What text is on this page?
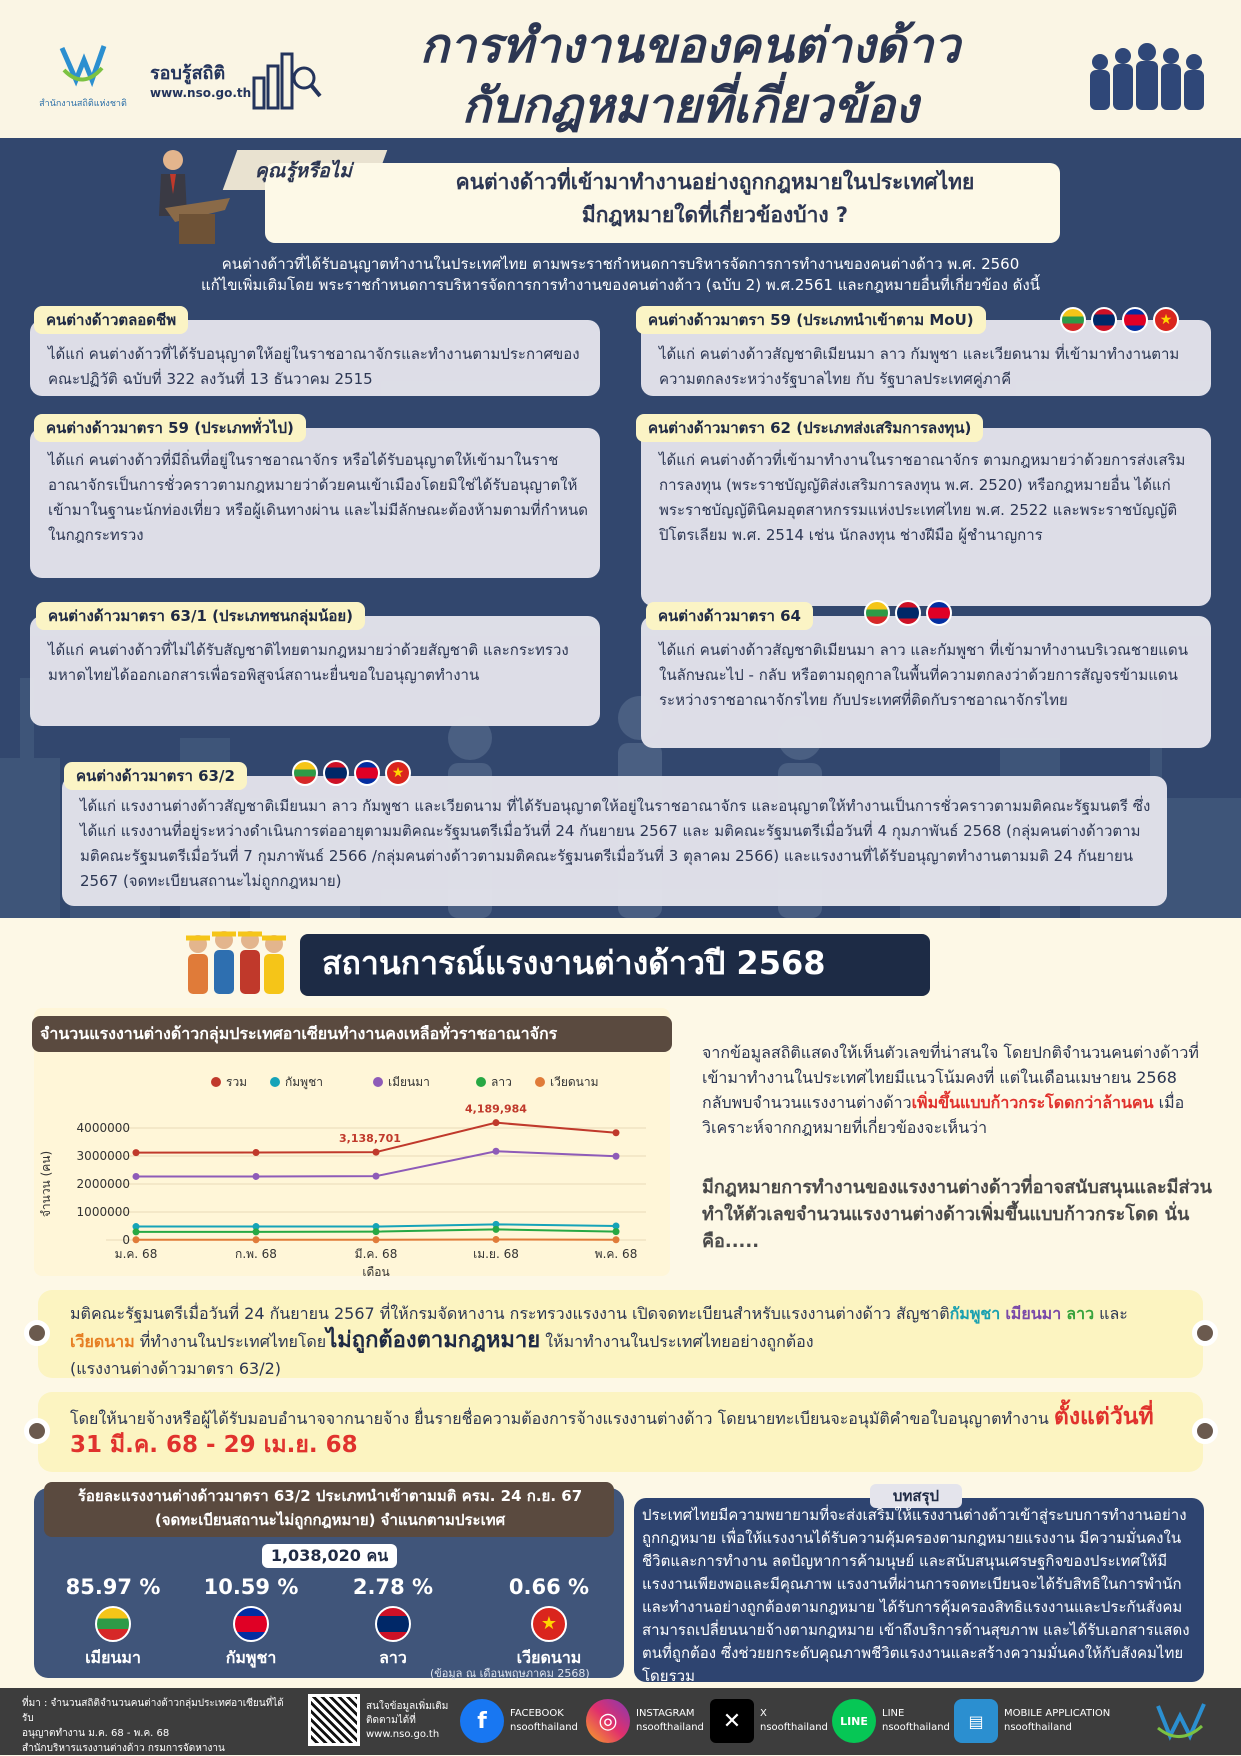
สำนักงานสถิติแห่งชาติ
รอบรู้สถิติ
www.nso.go.th
การทำงานของคนต่างด้าว
กับกฎหมายที่เกี่ยวข้อง
คุณรู้หรือไม่	คนต่างด้าวที่เข้ามาทำงานอย่างถูกกฎหมายในประเทศไทย
มีกฎหมายใดที่เกี่ยวข้องบ้าง ?
คนต่างด้าวที่ได้รับอนุญาตทำงานในประเทศไทย ตามพระราชกำหนดการบริหารจัดการการทำงานของคนต่างด้าว พ.ศ. 2560
แก้ไขเพิ่มเติมโดย พระราชกำหนดการบริหารจัดการการทำงานของคนต่างด้าว (ฉบับ 2) พ.ศ.2561 และกฎหมายอื่นที่เกี่ยวข้อง ดังนี้
ได้แก่ คนต่างด้าวที่ได้รับอนุญาตให้อยู่ในราชอาณาจักรและทำงานตามประกาศของคณะปฏิวัติ ฉบับที่ 322 ลงวันที่ 13 ธันวาคม 2515
คนต่างด้าวตลอดชีพ
ได้แก่ คนต่างด้าวสัญชาติเมียนมา ลาว กัมพูชา และเวียดนาม ที่เข้ามาทำงานตามความตกลงระหว่างรัฐบาลไทย กับ รัฐบาลประเทศคู่ภาคี
คนต่างด้าวมาตรา 59 (ประเภทนำเข้าตาม MoU)	★
ได้แก่ คนต่างด้าวที่มีถิ่นที่อยู่ในราชอาณาจักร หรือได้รับอนุญาตให้เข้ามาในราชอาณาจักรเป็นการชั่วคราวตามกฎหมายว่าด้วยคนเข้าเมืองโดยมิใช่ได้รับอนุญาตให้เข้ามาในฐานะนักท่องเที่ยว หรือผู้เดินทางผ่าน และไม่มีลักษณะต้องห้ามตามที่กำหนดในกฎกระทรวง
คนต่างด้าวมาตรา 59 (ประเภททั่วไป)
ได้แก่ คนต่างด้าวที่เข้ามาทำงานในราชอาณาจักร ตามกฎหมายว่าด้วยการส่งเสริมการลงทุน (พระราชบัญญัติส่งเสริมการลงทุน พ.ศ. 2520) หรือกฎหมายอื่น ได้แก่ พระราชบัญญัตินิคมอุตสาหกรรมแห่งประเทศไทย พ.ศ. 2522 และพระราชบัญญัติปิโตรเลียม พ.ศ. 2514 เช่น นักลงทุน ช่างฝีมือ ผู้ชำนาญการ
คนต่างด้าวมาตรา 62 (ประเภทส่งเสริมการลงทุน)
ได้แก่ คนต่างด้าวที่ไม่ได้รับสัญชาติไทยตามกฎหมายว่าด้วยสัญชาติ และกระทรวงมหาดไทยได้ออกเอกสารเพื่อรอพิสูจน์สถานะยื่นขอใบอนุญาตทำงาน
คนต่างด้าวมาตรา 63/1 (ประเภทชนกลุ่มน้อย)
ได้แก่ คนต่างด้าวสัญชาติเมียนมา ลาว และกัมพูชา ที่เข้ามาทำงานบริเวณชายแดนในลักษณะไป - กลับ หรือตามฤดูกาลในพื้นที่ความตกลงว่าด้วยการสัญจรข้ามแดนระหว่างราชอาณาจักรไทย กับประเทศที่ติดกับราชอาณาจักรไทย
คนต่างด้าวมาตรา 64
ได้แก่ แรงงานต่างด้าวสัญชาติเมียนมา ลาว กัมพูชา และเวียดนาม ที่ได้รับอนุญาตให้อยู่ในราชอาณาจักร และอนุญาตให้ทำงานเป็นการชั่วคราวตามมติคณะรัฐมนตรี ซึ่งได้แก่ แรงงานที่อยู่ระหว่างดำเนินการต่ออายุตามมติคณะรัฐมนตรีเมื่อวันที่ 24 กันยายน 2567 และ มติคณะรัฐมนตรีเมื่อวันที่ 4 กุมภาพันธ์ 2568 (กลุ่มคนต่างด้าวตามมติคณะรัฐมนตรีเมื่อวันที่ 7 กุมภาพันธ์ 2566 /กลุ่มคนต่างด้าวตามมติคณะรัฐมนตรีเมื่อวันที่ 3 ตุลาคม 2566) และแรงงานที่ได้รับอนุญาตทำงานตามมติ 24 กันยายน 2567 (จดทะเบียนสถานะไม่ถูกกฎหมาย)
คนต่างด้าวมาตรา 63/2	★
สถานการณ์แรงงานต่างด้าวปี 2568
จำนวนแรงงานต่างด้าวกลุ่มประเทศอาเซียนทำงานคงเหลือทั่วราชอาณาจักร
4000000
3000000
2000000
1000000
0
ม.ค. 68	ก.พ. 68	มี.ค. 68	เม.ย. 68	พ.ค. 68
เดือน
จำนวน (คน)
รวม	กัมพูชา	เมียนมา	ลาว	เวียดนาม
3,138,701
4,189,984
จากข้อมูลสถิติแสดงให้เห็นตัวเลขที่น่าสนใจ โดยปกติจำนวนคนต่างด้าวที่เข้ามาทำงานในประเทศไทยมีแนวโน้มคงที่ แต่ในเดือนเมษายน 2568 กลับพบจำนวนแรงงานต่างด้าวเพิ่มขึ้นแบบก้าวกระโดดกว่าล้านคน เมื่อวิเคราะห์จากกฎหมายที่เกี่ยวข้องจะเห็นว่า
มีกฎหมายการทำงานของแรงงานต่างด้าวที่อาจสนับสนุนและมีส่วนทำให้ตัวเลขจำนวนแรงงานต่างด้าวเพิ่มขึ้นแบบก้าวกระโดด นั่นคือ.....
มติคณะรัฐมนตรีเมื่อวันที่ 24 กันยายน 2567 ที่ให้กรมจัดหางาน กระทรวงแรงงาน เปิดจดทะเบียนสำหรับแรงงานต่างด้าว สัญชาติกัมพูชา เมียนมา ลาว และเวียดนาม ที่ทำงานในประเทศไทยโดยไม่ถูกต้องตามกฎหมาย ให้มาทำงานในประเทศไทยอย่างถูกต้อง
(แรงงานต่างด้าวมาตรา 63/2)
โดยให้นายจ้างหรือผู้ได้รับมอบอำนาจจากนายจ้าง ยื่นรายชื่อความต้องการจ้างแรงงานต่างด้าว โดยนายทะเบียนจะอนุมัติคำขอใบอนุญาตทำงาน ตั้งแต่วันที่ 31 มี.ค. 68 - 29 เม.ย. 68
ร้อยละแรงงานต่างด้าวมาตรา 63/2 ประเภทนำเข้าตามมติ ครม. 24 ก.ย. 67
(จดทะเบียนสถานะไม่ถูกกฎหมาย) จำแนกตามประเทศ
1,038,020 คน
85.97 %
เมียนมา
10.59 %
กัมพูชา
2.78 %
ลาว
0.66 %
★
เวียดนาม
(ข้อมูล ณ เดือนพฤษภาคม 2568)
บทสรุป
ประเทศไทยมีความพยายามที่จะส่งเสริมให้แรงงานต่างด้าวเข้าสู่ระบบการทำงานอย่างถูกกฎหมาย เพื่อให้แรงงานได้รับความคุ้มครองตามกฎหมายแรงงาน มีความมั่นคงในชีวิตและการทำงาน ลดปัญหาการค้ามนุษย์ และสนับสนุนเศรษฐกิจของประเทศให้มีแรงงานเพียงพอและมีคุณภาพ แรงงานที่ผ่านการจดทะเบียนจะได้รับสิทธิในการพำนักและทำงานอย่างถูกต้องตามกฎหมาย ได้รับการคุ้มครองสิทธิแรงงานและประกันสังคม สามารถเปลี่ยนนายจ้างตามกฎหมาย เข้าถึงบริการด้านสุขภาพ และได้รับเอกสารแสดงตนที่ถูกต้อง ซึ่งช่วยยกระดับคุณภาพชีวิตแรงงานและสร้างความมั่นคงให้กับสังคมไทยโดยรวม
ที่มา : จำนวนสถิติจำนวนคนต่างด้าวกลุ่มประเทศอาเซียนที่ได้รับ
อนุญาตทำงาน ม.ค. 68 - พ.ค. 68
สำนักบริหารแรงงานต่างด้าว กรมการจัดหางาน
สนใจข้อมูลเพิ่มเติม
ติดตามได้ที่
www.nso.go.th
f	FACEBOOK
nsoofthailand ◎	INSTAGRAM
nsoofthailand ✕	X
nsoofthailand	LINE
LINE
nsoofthailand	▤	MOBILE APPLICATION
nsoofthailand
